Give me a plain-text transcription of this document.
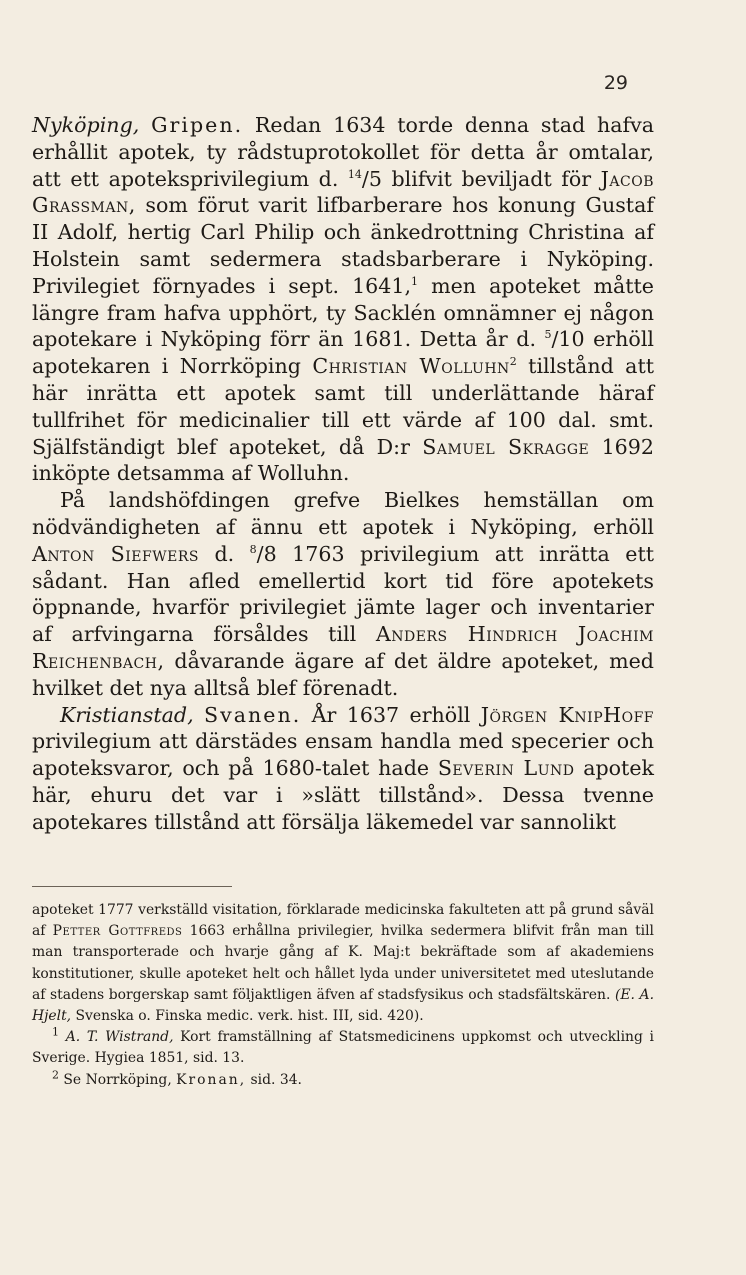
29

Nyköping, Gripen. Redan 1634 torde denna stad hafva erhållit apotek, ty rådstuprotokollet för detta år omtalar, att ett apoteksprivilegium d. $^{14}$/5 blifvit beviljadt för Jacob Grassman, som förut varit lifbarberare hos konung Gustaf II Adolf, hertig Carl Philip och änkedrottning Christina af Holstein samt sedermera stadsbarberare i Nyköping. Privilegiet förnyades i sept. 1641,$^1$ men apoteket måtte längre fram hafva upphört, ty Sacklén omnämner ej någon apotekare i Nyköping förr än 1681. Detta år d. $^5$/10 erhöll apotekaren i Norrköping Christian Wolluhn$^2$ tillstånd att här inrätta ett apotek samt till underlättande häraf tullfrihet för medicinalier till ett värde af 100 dal. smt. Själfständigt blef apoteket, då D:r Samuel Skragge 1692 inköpte detsamma af Wolluhn.

På landshöfdingen grefve Bielkes hemställan om nödvändigheten af ännu ett apotek i Nyköping, erhöll Anton Siefwers d. $^8$/8 1763 privilegium att inrätta ett sådant. Han afled emellertid kort tid före apotekets öppnande, hvarför privilegiet jämte lager och inventarier af arfvingarna försåldes till Anders Hindrich Joachim Reichenbach, dåvarande ägare af det äldre apoteket, med hvilket det nya alltså blef förenadt.

Kristianstad, Svanen. År 1637 erhöll Jörgen KnipHoff privilegium att därstädes ensam handla med specerier och apoteksvaror, och på 1680-talet hade Severin Lund apotek här, ehuru det var i »slätt tillstånd». Dessa tvenne apotekares tillstånd att försälja läkemedel var sannolikt

apoteket 1777 verkställd visitation, förklarade medicinska fakulteten att på grund såväl af Petter Gottfreds 1663 erhållna privilegier, hvilka sedermera blifvit från man till man transporterade och hvarje gång af K. Maj:t bekräftade som af akademiens konstitutioner, skulle apoteket helt och hållet lyda under universitetet med uteslutande af stadens borgerskap samt följaktligen äfven af stadsfysikus och stadsfältskären. (E. A. Hjelt, Svenska o. Finska medic. verk. hist. III, sid. 420).

$^1$ A. T. Wistrand, Kort framställning af Statsmedicinens uppkomst och utveckling i Sverige. Hygiea 1851, sid. 13.

$^2$ Se Norrköping, Kronan, sid. 34.
